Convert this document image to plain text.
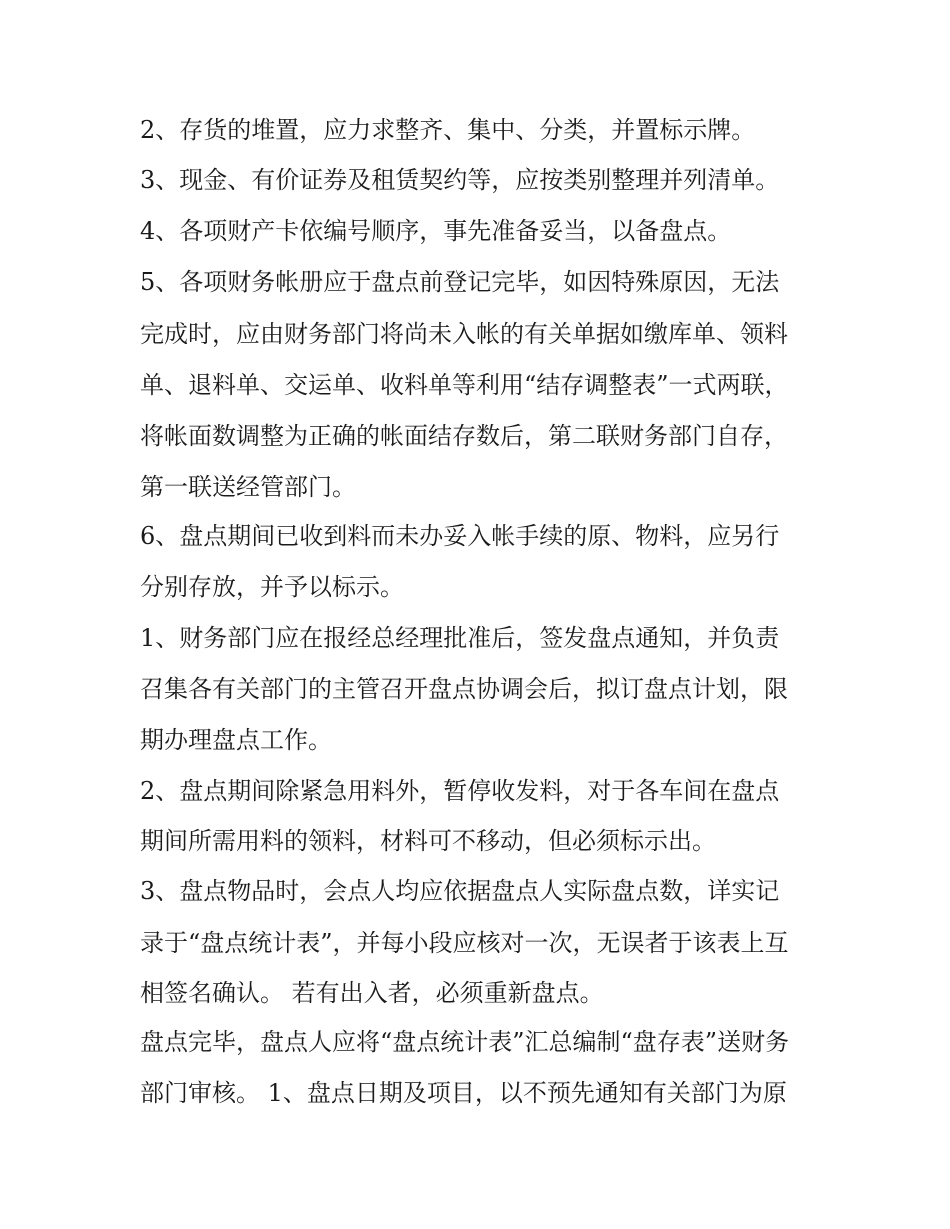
2、存货的堆置，应力求整齐、集中、分类，并置标示牌。
3、现金、有价证券及租赁契约等，应按类别整理并列清单。
4、各项财产卡依编号顺序，事先准备妥当，以备盘点。
5、各项财务帐册应于盘点前登记完毕，如因特殊原因，无法
完成时，应由财务部门将尚未入帐的有关单据如缴库单、领料
单、退料单、交运单、收料单等利用“结存调整表”一式两联，
将帐面数调整为正确的帐面结存数后，第二联财务部门自存，
第一联送经管部门。
6、盘点期间已收到料而未办妥入帐手续的原、物料，应另行
分别存放，并予以标示。
1、财务部门应在报经总经理批准后，签发盘点通知，并负责
召集各有关部门的主管召开盘点协调会后，拟订盘点计划，限
期办理盘点工作。
2、盘点期间除紧急用料外，暂停收发料，对于各车间在盘点
期间所需用料的领料，材料可不移动，但必须标示出。
3、盘点物品时，会点人均应依据盘点人实际盘点数，详实记
录于“盘点统计表”，并每小段应核对一次，无误者于该表上互
相签名确认。 若有出入者，必须重新盘点。
盘点完毕，盘点人应将“盘点统计表”汇总编制“盘存表”送财务
部门审核。 1、盘点日期及项目，以不预先通知有关部门为原
